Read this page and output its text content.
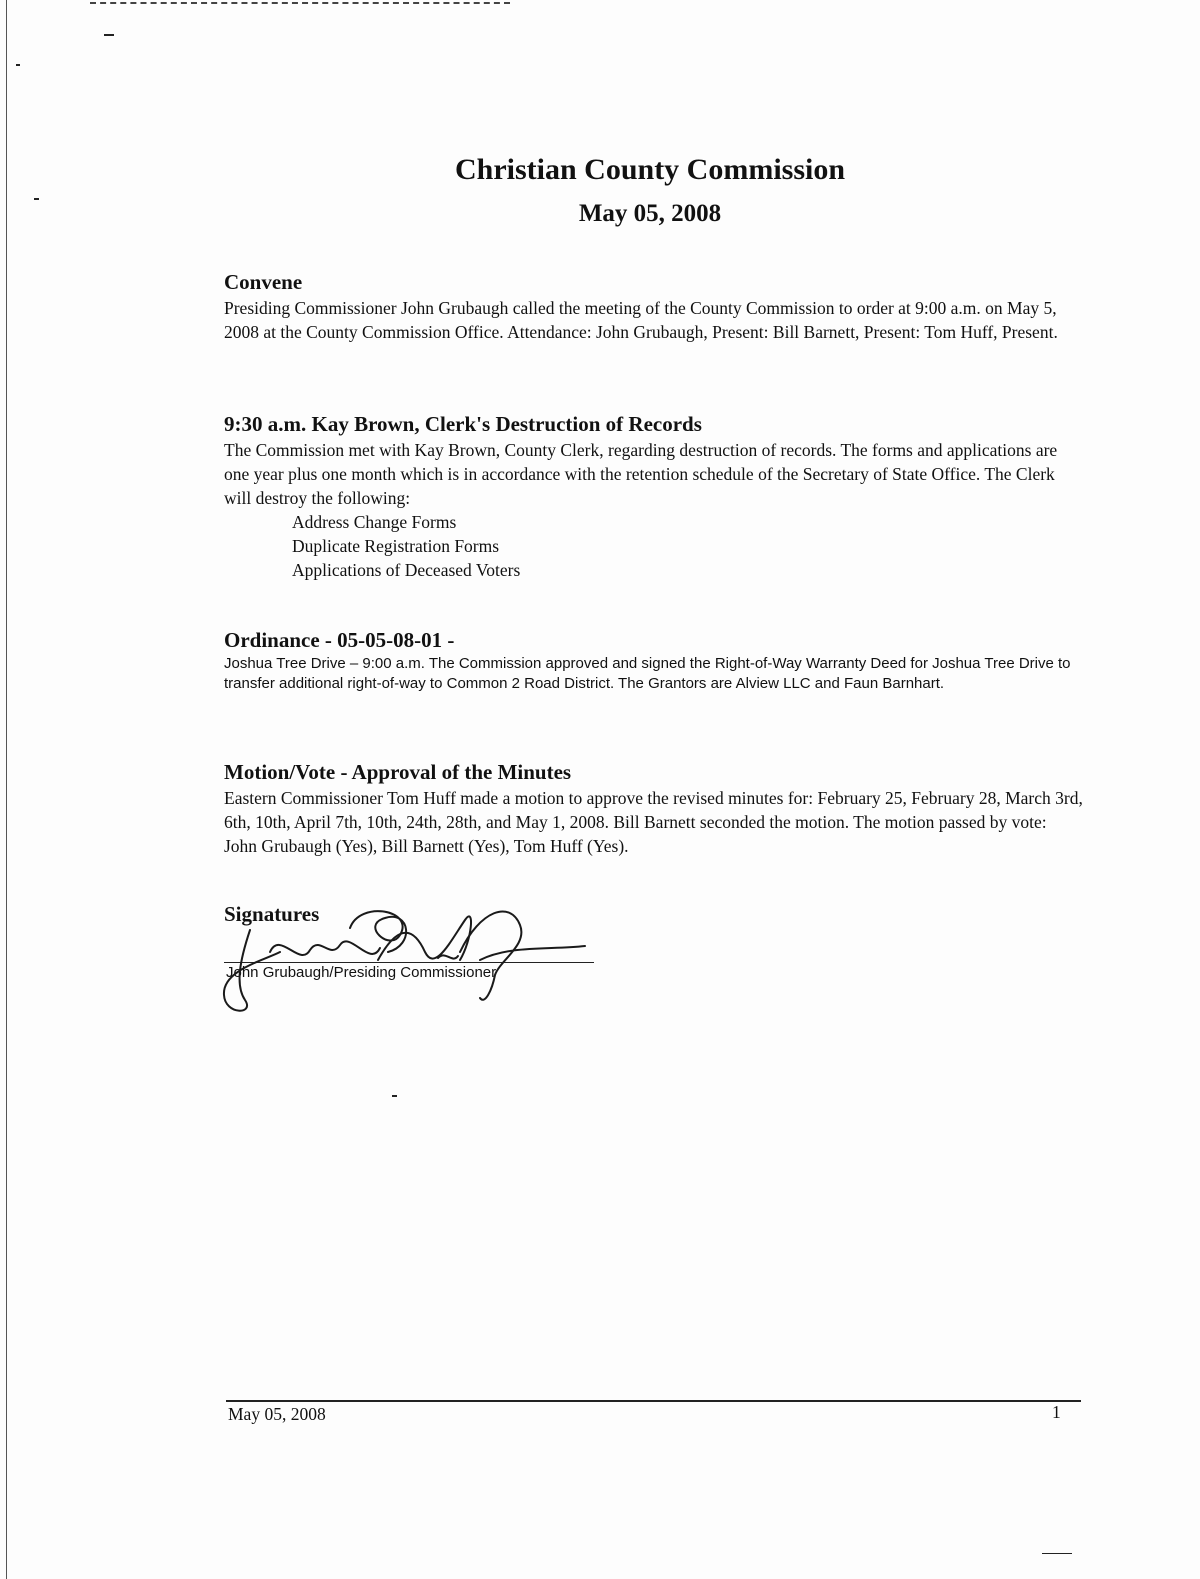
Christian County Commission
May 05, 2008
Convene

Presiding Commissioner John Grubaugh called the meeting of the County Commission to order at 9:00 a.m. on May 5, 2008 at the County Commission Office. Attendance: John Grubaugh, Present: Bill Barnett, Present: Tom Huff, Present.

9:30 a.m. Kay Brown, Clerk's Destruction of Records

The Commission met with Kay Brown, County Clerk, regarding destruction of records. The forms and applications are one year plus one month which is in accordance with the retention schedule of the Secretary of State Office. The Clerk will destroy the following:

Address Change Forms
Duplicate Registration Forms
Applications of Deceased Voters
Ordinance - 05-05-08-01 -

Joshua Tree Drive – 9:00 a.m. The Commission approved and signed the Right-of-Way Warranty Deed for Joshua Tree Drive to transfer additional right-of-way to Common 2 Road District. The Grantors are Alview LLC and Faun Barnhart.

Motion/Vote - Approval of the Minutes

Eastern Commissioner Tom Huff made a motion to approve the revised minutes for: February 25, February 28, March 3rd, 6th, 10th, April 7th, 10th, 24th, 28th, and May 1, 2008. Bill Barnett seconded the motion. The motion passed by vote: John Grubaugh (Yes), Bill Barnett (Yes), Tom Huff (Yes).

Signatures
John Grubaugh/Presiding Commissioner
May 05, 2008	1
